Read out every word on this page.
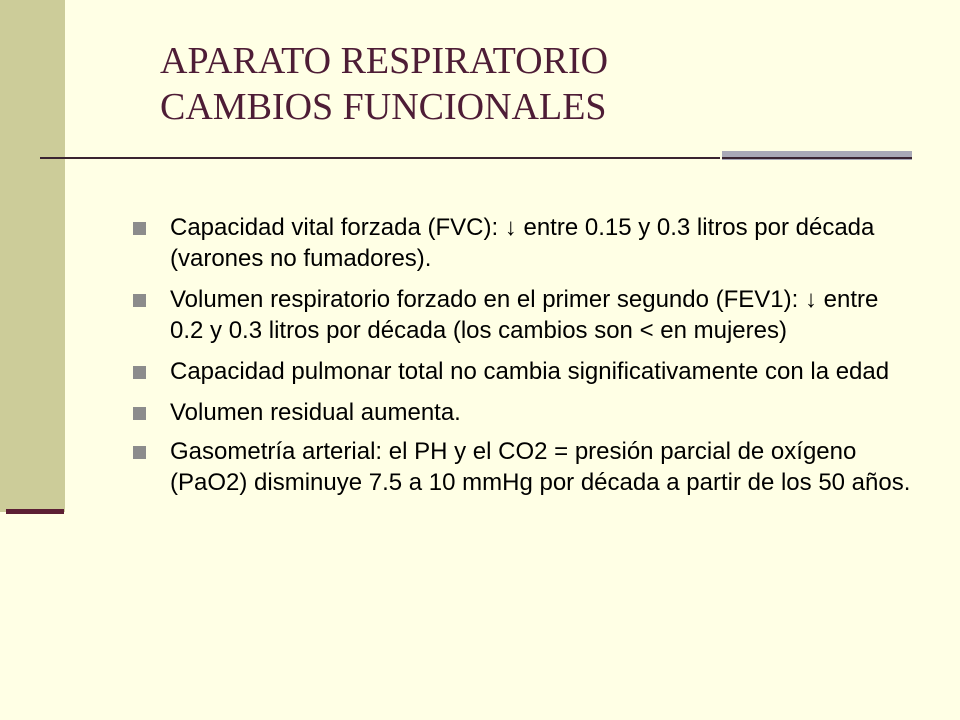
APARATO RESPIRATORIO
CAMBIOS FUNCIONALES
Capacidad vital forzada (FVC): ↓ entre 0.15 y 0.3 litros por década (varones no fumadores).
Volumen respiratorio forzado en el primer segundo (FEV1): ↓ entre 0.2 y 0.3 litros por década (los cambios son < en mujeres)
Capacidad pulmonar total no cambia significativamente con la edad
Volumen residual aumenta.
Gasometría arterial: el PH y el CO2 = presión parcial de oxígeno (PaO2) disminuye 7.5 a 10 mmHg por década a partir de los 50 años.
